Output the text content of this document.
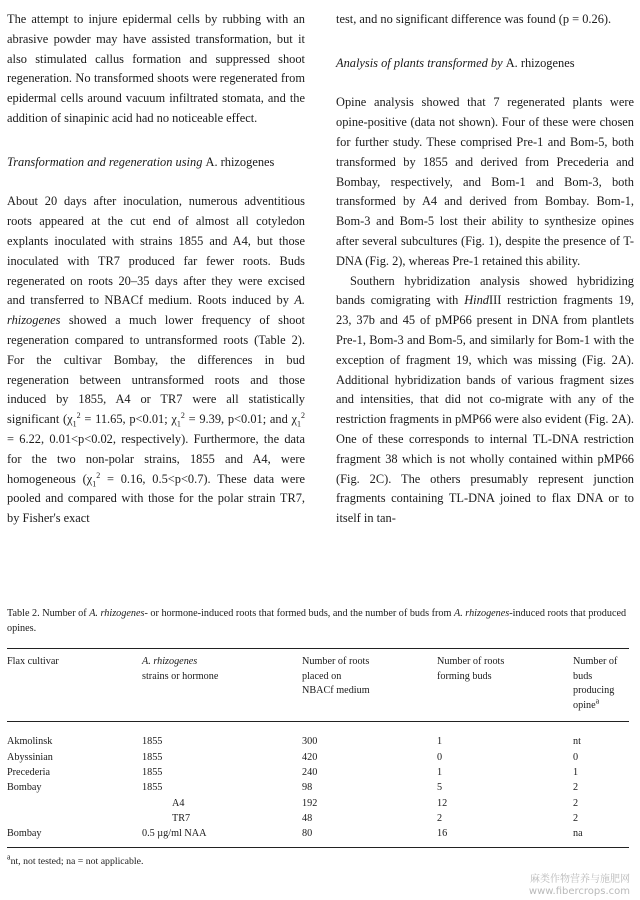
The attempt to injure epidermal cells by rubbing with an abrasive powder may have assisted transformation, but it also stimulated callus formation and suppressed shoot regeneration. No transformed shoots were regenerated from epidermal cells around vacuum infiltrated stomata, and the addition of sinapinic acid had no noticeable effect.

Transformation and regeneration using A. rhizogenes

About 20 days after inoculation, numerous adventitious roots appeared at the cut end of almost all cotyledon explants inoculated with strains 1855 and A4, but those inoculated with TR7 produced far fewer roots. Buds regenerated on roots 20–35 days after they were excised and transferred to NBACf medium. Roots induced by A. rhizogenes showed a much lower frequency of shoot regeneration compared to untransformed roots (Table 2). For the cultivar Bombay, the differences in bud regeneration between untransformed roots and those induced by 1855, A4 or TR7 were all statistically significant ($\chi_1^2 = 11.65$, p<0.01; $\chi_1^2 = 9.39$, p<0.01; and $\chi_1^2 = 6.22$, 0.01<p<0.02, respectively). Furthermore, the data for the two non-polar strains, 1855 and A4, were homogeneous ($\chi_1^2 = 0.16$, 0.5<p<0.7). These data were pooled and compared with those for the polar strain TR7, by Fisher's exact

test, and no significant difference was found (p = 0.26).

Analysis of plants transformed by A. rhizogenes

Opine analysis showed that 7 regenerated plants were opine-positive (data not shown). Four of these were chosen for further study. These comprised Pre-1 and Bom-5, both transformed by 1855 and derived from Precederia and Bombay, respectively, and Bom-1 and Bom-3, both transformed by A4 and derived from Bombay. Bom-1, Bom-3 and Bom-5 lost their ability to synthesize opines after several subcultures (Fig. 1), despite the presence of T-DNA (Fig. 2), whereas Pre-1 retained this ability.

Southern hybridization analysis showed hybridizing bands comigrating with HindIII restriction fragments 19, 23, 37b and 45 of pMP66 present in DNA from plantlets Pre-1, Bom-3 and Bom-5, and similarly for Bom-1 with the exception of fragment 19, which was missing (Fig. 2A). Additional hybridization bands of various fragment sizes and intensities, that did not co-migrate with any of the restriction fragments in pMP66 were also evident (Fig. 2A). One of these corresponds to internal TL-DNA restriction fragment 38 which is not wholly contained within pMP66 (Fig. 2C). The others presumably represent junction fragments containing TL-DNA joined to flax DNA or to itself in tan-

Table 2. Number of A. rhizogenes- or hormone-induced roots that formed buds, and the number of buds from A. rhizogenes-induced roots that produced opines.

Flax cultivar	A. rhizogenes
strains or hormone	Number of roots placed on NBACf medium	Number of roots forming buds	Number of buds producing opine$^a$

Akmolinsk	1855	300	1	nt
Abyssinian	1855	420	0	0
Precederia	1855	240	1	1
Bombay	1855	98	5	2
	A4	192	12	2
	TR7	48	2	2
Bombay	0.5 µg/ml NAA	80	16	na

$^a$nt, not tested; na = not applicable.

麻类作物营养与施肥网
www.fibercrops.com
